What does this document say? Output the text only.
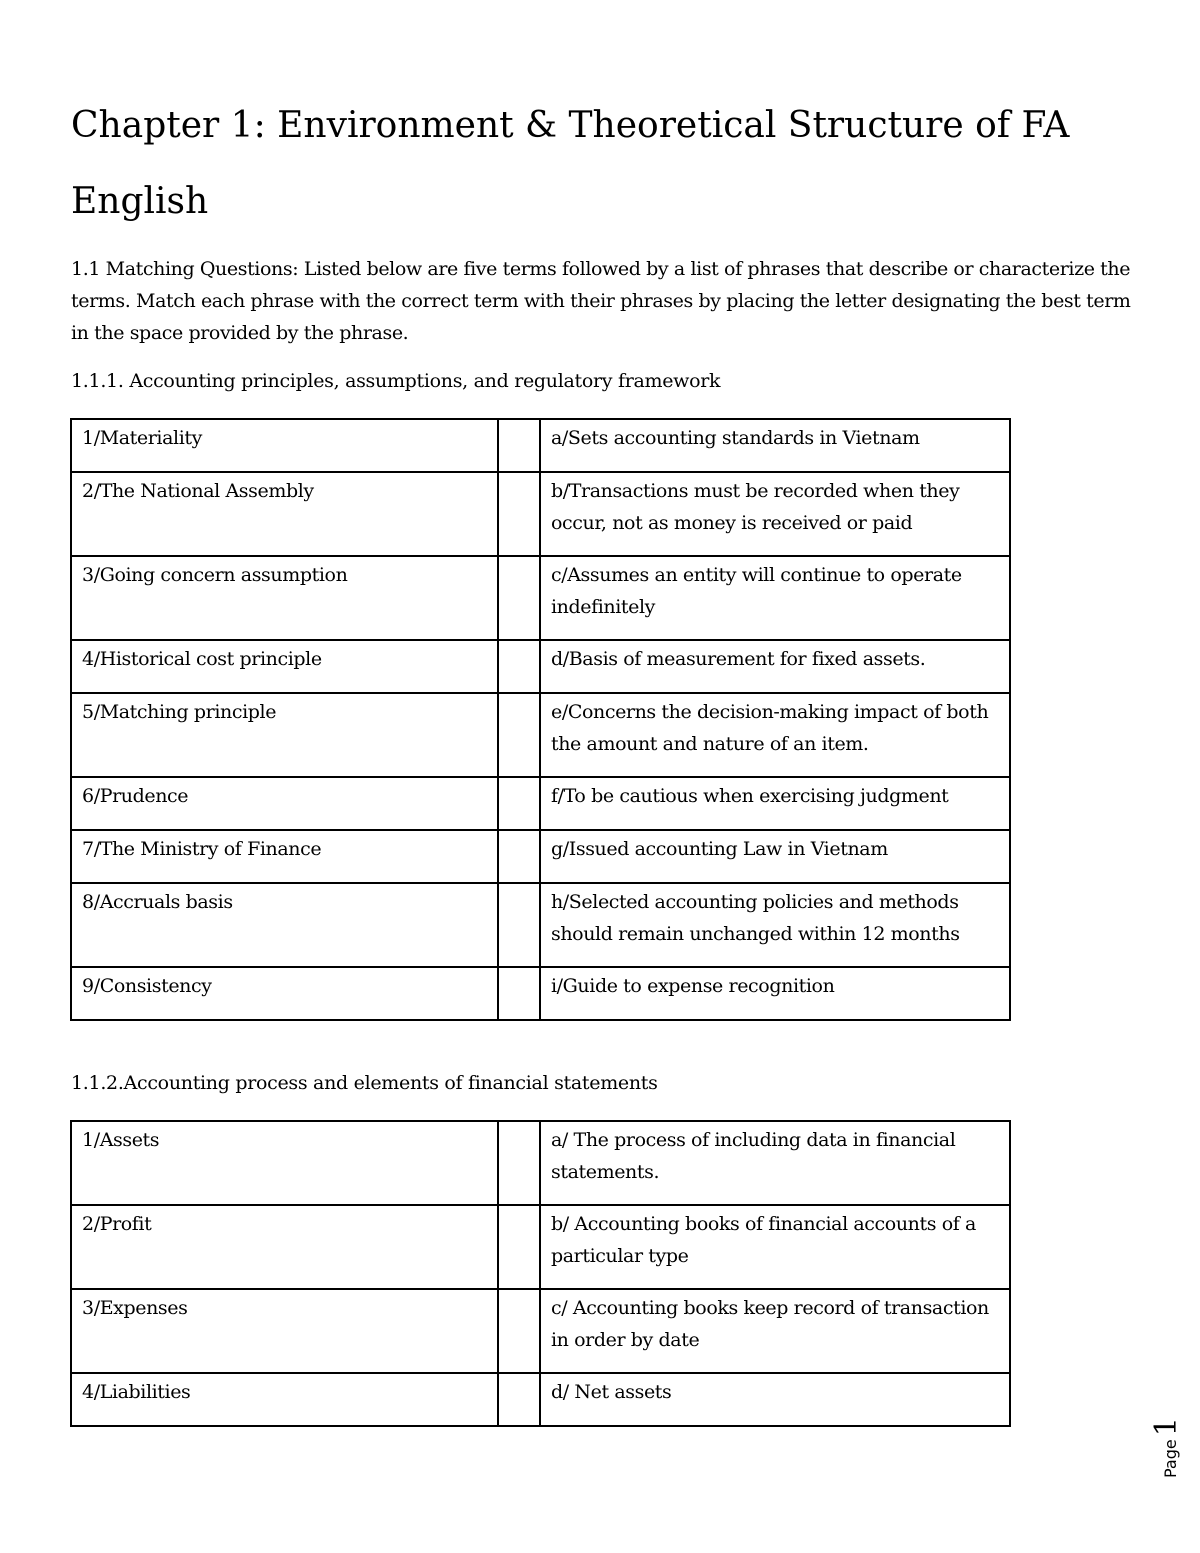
Chapter 1: Environment & Theoretical Structure of FA
English

1.1 Matching Questions: Listed below are five terms followed by a list of phrases that describe or characterize the terms. Match each phrase with the correct term with their phrases by placing the letter designating the best term in the space provided by the phrase.

1.1.1. Accounting principles, assumptions, and regulatory framework

1/Materiality		a/Sets accounting standards in Vietnam
2/The National Assembly		b/Transactions must be recorded when they occur, not as money is received or paid
3/Going concern assumption		c/Assumes an entity will continue to operate indefinitely
4/Historical cost principle		d/Basis of measurement for fixed assets.
5/Matching principle		e/Concerns the decision-making impact of both the amount and nature of an item.
6/Prudence		f/To be cautious when exercising judgment
7/The Ministry of Finance		g/Issued accounting Law in Vietnam
8/Accruals basis		h/Selected accounting policies and methods should remain unchanged within 12 months
9/Consistency		i/Guide to expense recognition

1.1.2.Accounting process and elements of financial statements

1/Assets		a/ The process of including data in financial statements.
2/Profit		b/ Accounting books of financial accounts of a particular type
3/Expenses		c/ Accounting books keep record of transaction in order by date
4/Liabilities		d/ Net assets
Page
1
